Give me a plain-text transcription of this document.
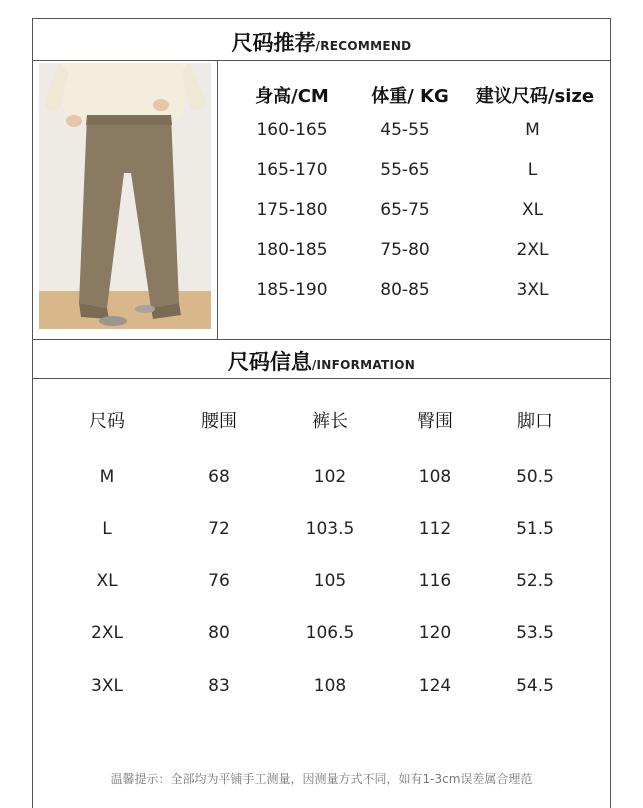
尺码推荐/RECOMMEND
身高/CM	体重/ KG	建议尺码/size
160-165	45-55	M
165-170	55-65	L
175-180	65-75	XL
180-185	75-80	2XL
185-190	80-85	3XL
尺码信息/INFORMATION
尺码	腰围	裤长	臀围	脚口
M	68	102	108	50.5
L	72	103.5	112	51.5
XL	76	105	116	52.5
2XL	80	106.5	120	53.5
3XL	83	108	124	54.5
温馨提示：全部均为平铺手工测量，因测量方式不同，如有1-3cm误差属合理范
